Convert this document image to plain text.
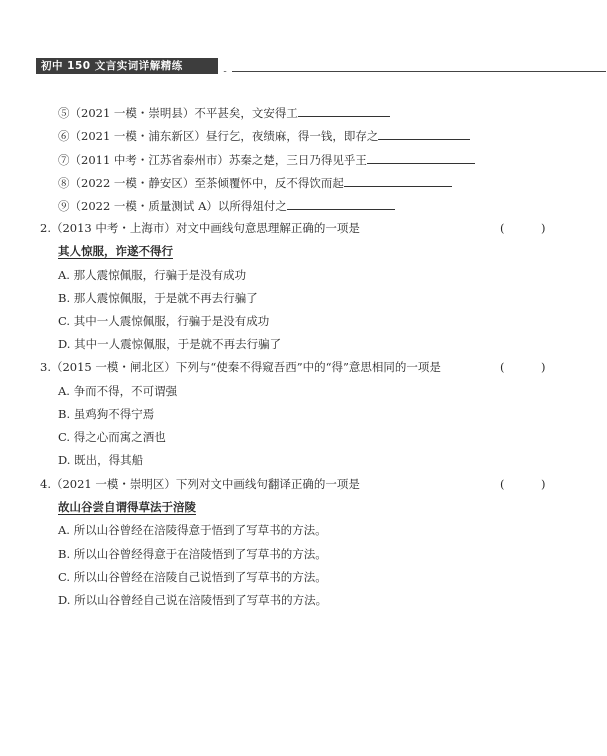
初中 150 文言实词详解精练	..
⑤（2021 一模・崇明县）不平甚矣，文安得工
⑥（2021 一模・浦东新区）昼行乞，夜绩麻，得一钱，即存之
⑦（2011 中考・江苏省泰州市）苏秦之楚，三日乃得见乎王
⑧（2022 一模・静安区）至茶倾覆怀中，反不得饮而起
⑨（2022 一模・质量测试 A）以所得俎付之
2.（2013 中考・上海市）对文中画线句意思理解正确的一项是	(          )
其人惊服，诈遂不得行
A. 那人震惊佩服，行骗于是没有成功
B. 那人震惊佩服，于是就不再去行骗了
C. 其中一人震惊佩服，行骗于是没有成功
D. 其中一人震惊佩服，于是就不再去行骗了
3.（2015 一模・闸北区）下列与“使秦不得窥吾西”中的“得”意思相同的一项是	(          )
A. 争而不得，不可谓强
B. 虽鸡狗不得宁焉
C. 得之心而寓之酒也
D. 既出，得其船
4.（2021 一模・崇明区）下列对文中画线句翻译正确的一项是	(          )
故山谷尝自谓得草法于涪陵
A. 所以山谷曾经在涪陵得意于悟到了写草书的方法。
B. 所以山谷曾经得意于在涪陵悟到了写草书的方法。
C. 所以山谷曾经在涪陵自己说悟到了写草书的方法。
D. 所以山谷曾经自己说在涪陵悟到了写草书的方法。
